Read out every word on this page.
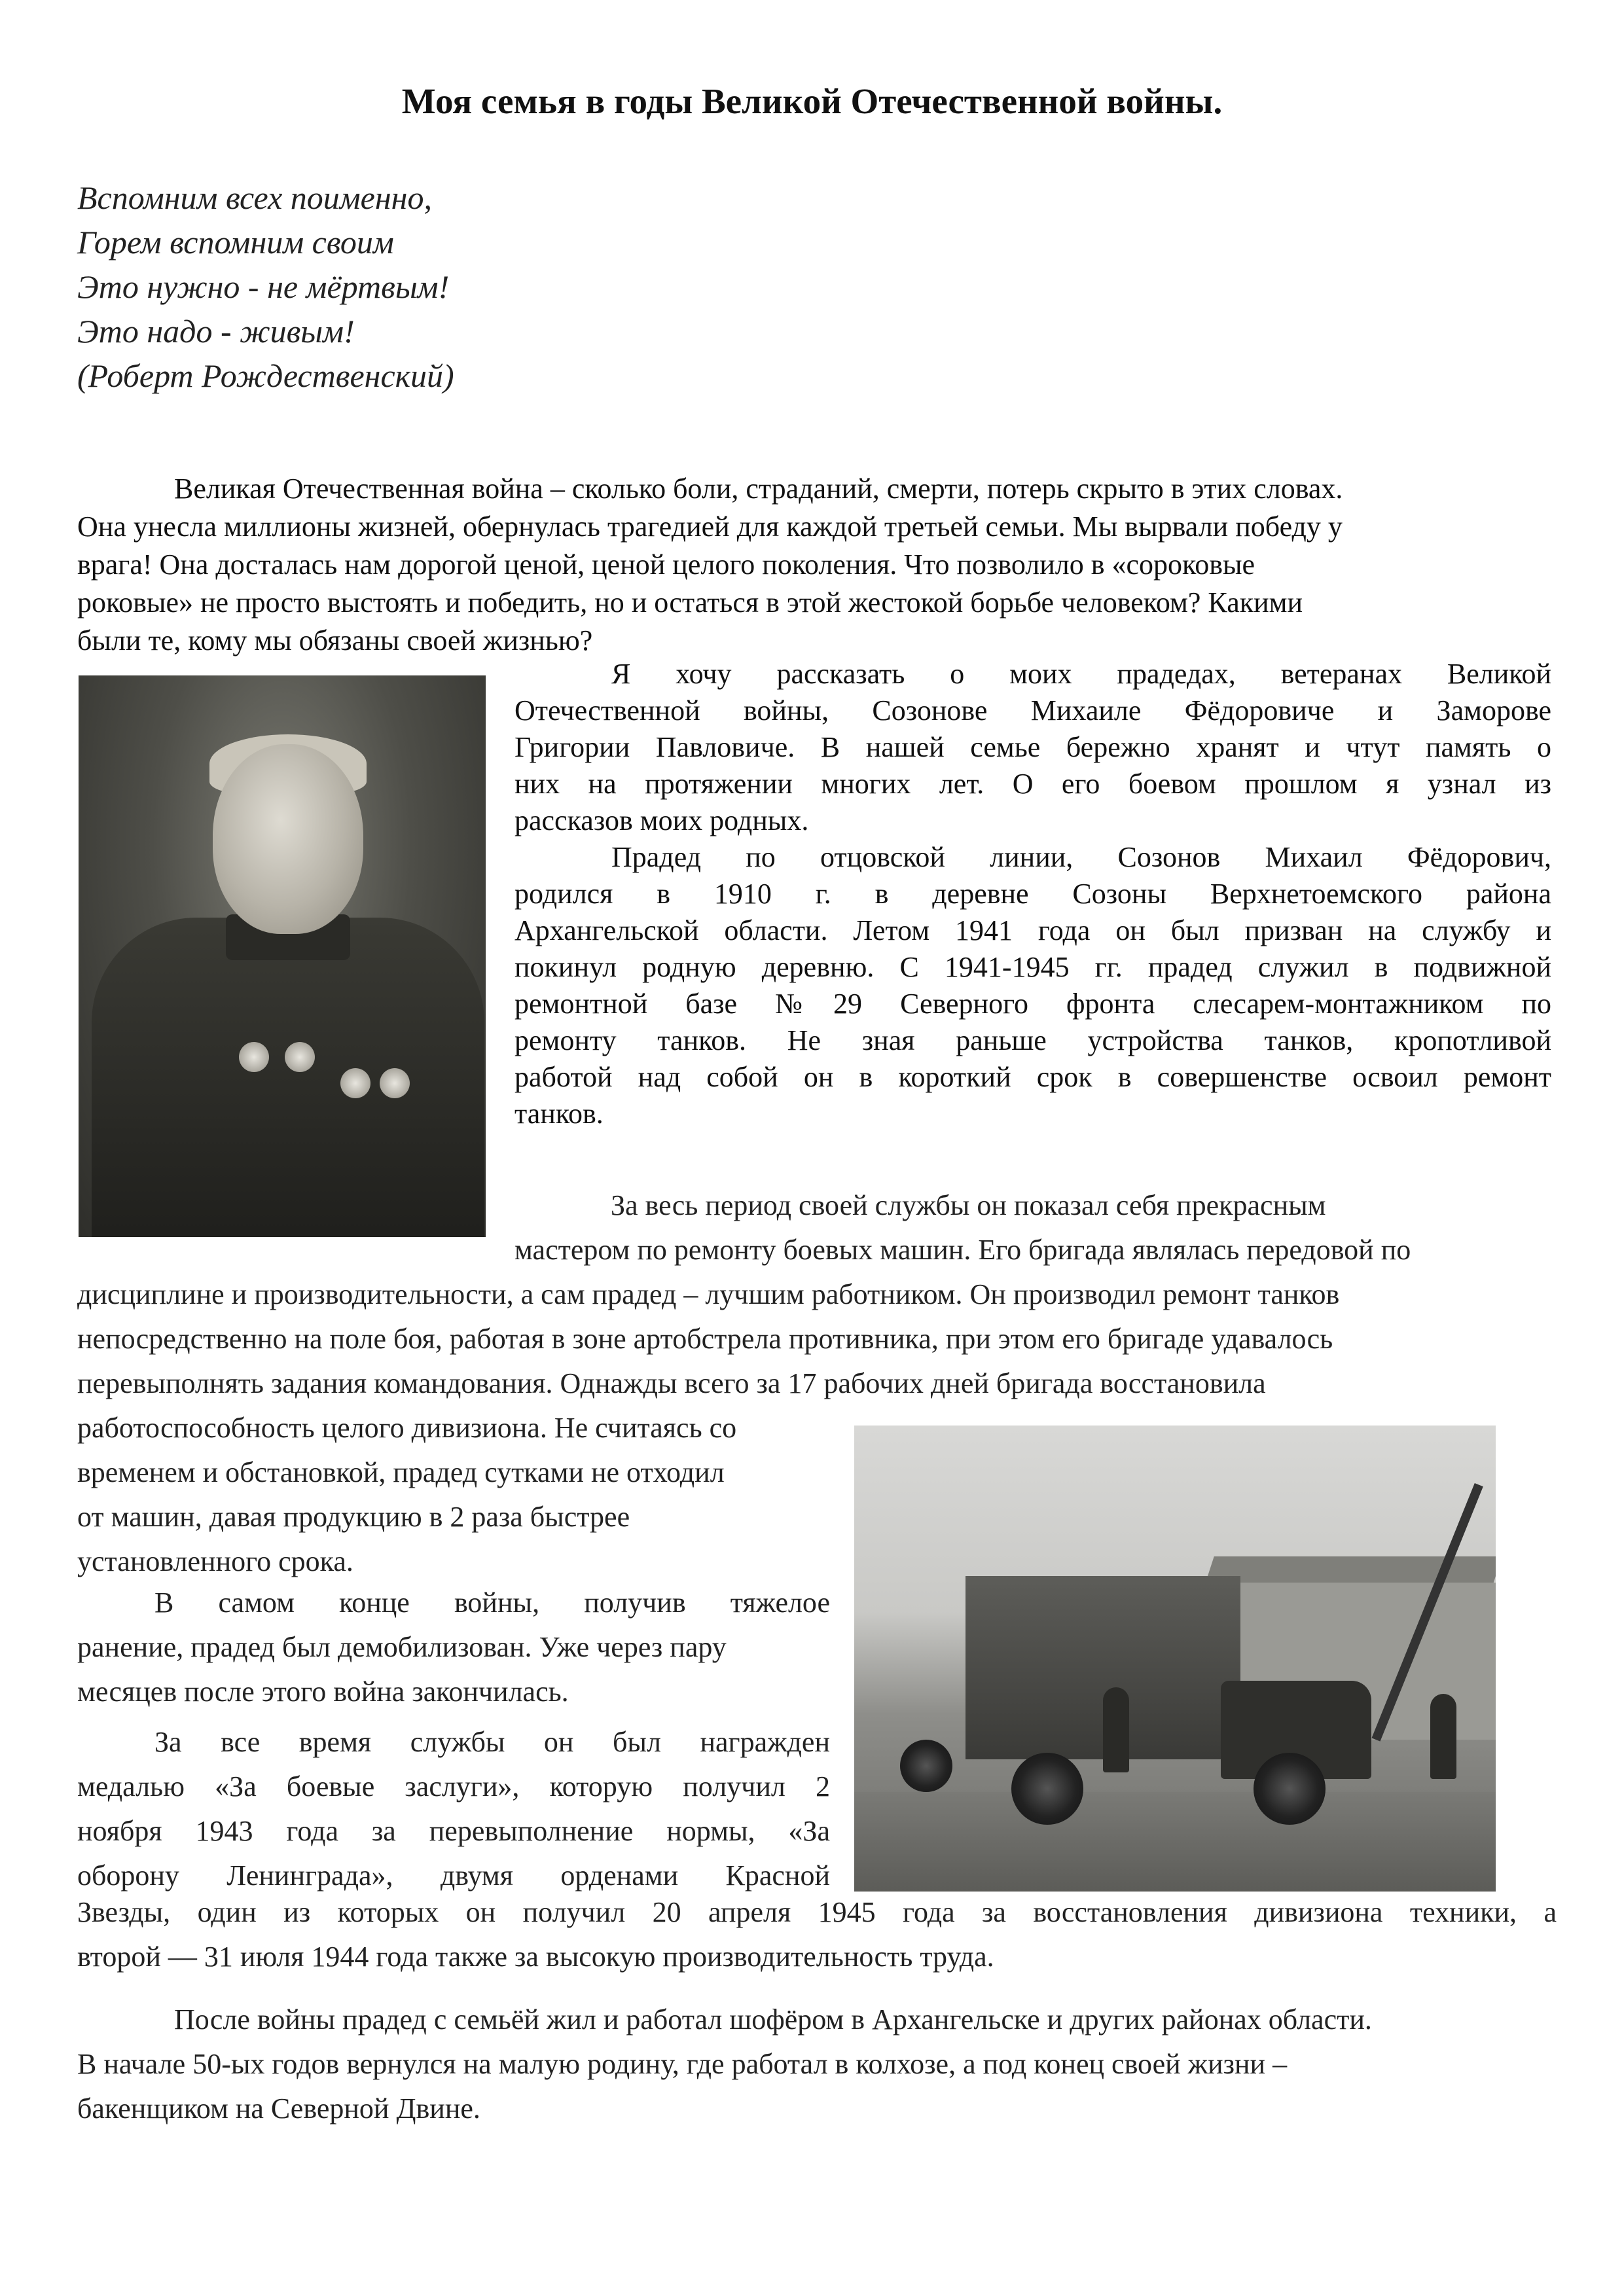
Моя семья в годы Великой Отечественной войны.
Вспомним всех поименно,
Горем вспомним своим
Это нужно - не мёртвым!
Это надо - живым!
(Роберт Рождественский)
Великая Отечественная война – сколько боли, страданий, смерти, потерь скрыто в этих словах.
Она унесла миллионы жизней, обернулась трагедией для каждой третьей семьи. Мы вырвали победу у
врага! Она досталась нам дорогой ценой, ценой целого поколения. Что позволило в «сороковые
роковые» не просто выстоять и победить, но и остаться в этой жестокой борьбе человеком? Какими
были те, кому мы обязаны своей жизнью?

Я хочу рассказать о моих прадедах, ветеранах Великой

Отечественной войны, Созонове Михаиле Фёдоровиче и Заморове

Григории Павловиче. В нашей семье бережно хранят и чтут память о

них на протяжении многих лет. О его боевом прошлом я узнал из

рассказов моих родных.

Прадед по отцовской линии, Созонов Михаил Фёдорович,

родился в 1910 г. в деревне Созоны Верхнетоемского района

Архангельской области. Летом 1941 года он был призван на службу и

покинул родную деревню. С 1941-1945 гг. прадед служил в подвижной

ремонтной базе №29 Северного фронта слесарем-монтажником по

ремонту танков. Не зная раньше устройства танков, кропотливой

работой над собой он в короткий срок в совершенстве освоил ремонт

танков.

За весь период своей службы он показал себя прекрасным
мастером по ремонту боевых машин. Его бригада являлась передовой по
дисциплине и производительности, а сам прадед – лучшим работником. Он производил ремонт танков
непосредственно на поле боя, работая в зоне артобстрела противника, при этом его бригаде удавалось
перевыполнять задания командования. Однажды всего за 17 рабочих дней бригада восстановила
работоспособность целого дивизиона. Не считаясь со
временем и обстановкой, прадед сутками не отходил
от машин, давая продукцию в 2 раза быстрее
установленного срока.

В самом конце войны, получив тяжелое

ранение, прадед был демобилизован. Уже через пару

месяцев после этого война закончилась.

За все время службы он был награжден

медалью «За боевые заслуги», которую получил 2

ноября 1943 года за перевыполнение нормы, «За

оборону Ленинграда», двумя орденами Красной

Звезды, один из которых он получил 20 апреля 1945 года за восстановления дивизиона техники, а

второй — 31 июля 1944 года также за высокую производительность труда.

После войны прадед с семьёй жил и работал шофёром в Архангельске и других районах области.
В начале 50-ых годов вернулся на малую родину, где работал в колхозе, а под конец своей жизни –
бакенщиком на Северной Двине.
